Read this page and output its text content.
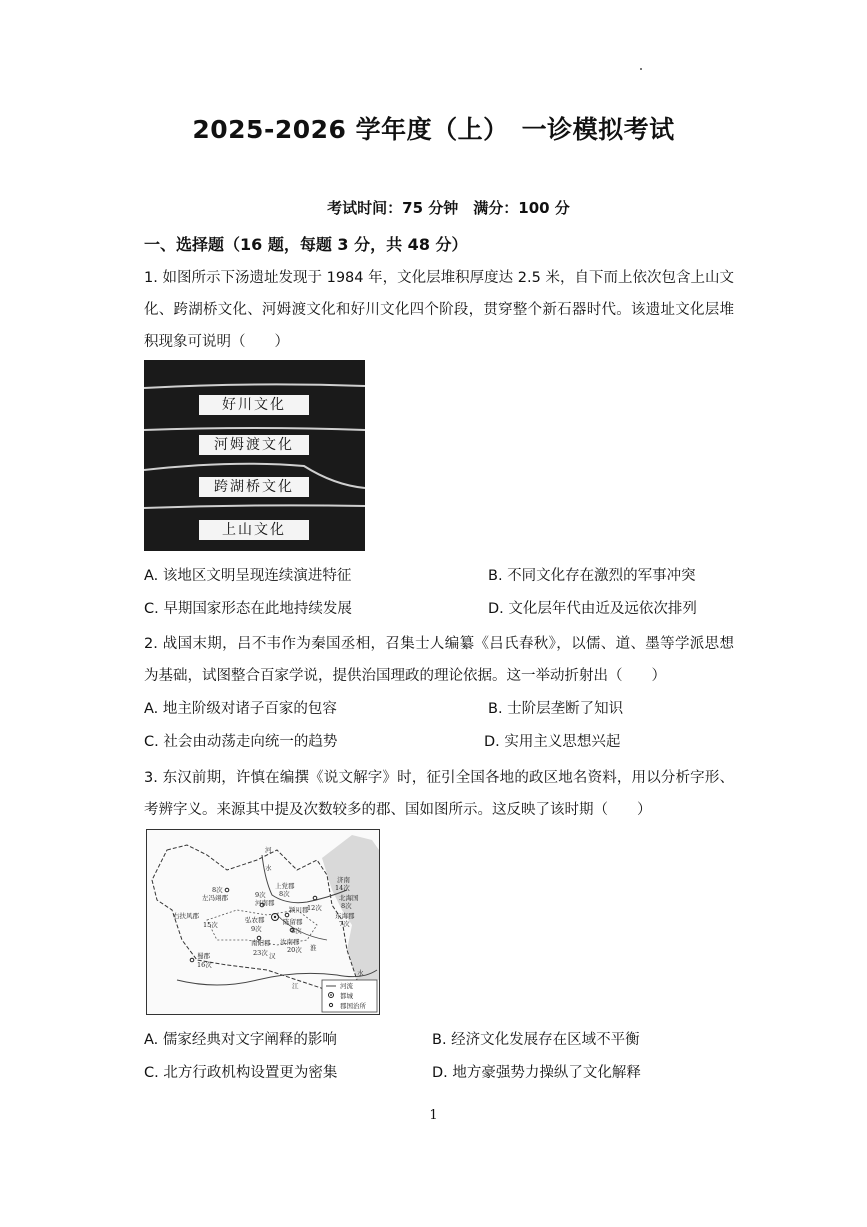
2025-2026 学年度（上）　一诊模拟考试
考试时间：75 分钟　满分：100 分
一、选择题（16 题，每题 3 分，共 48 分）
1. 如图所示下汤遗址发现于 1984 年，文化层堆积厚度达 2.5 米，自下而上依次包含上山文化、跨湖桥文化、河姆渡文化和好川文化四个阶段，贯穿整个新石器时代。该遗址文化层堆积现象可说明（　　）
好川文化
河姆渡文化
跨湖桥文化
上山文化
A. 该地区文明呈现连续演进特征	B. 不同文化存在激烈的军事冲突
C. 早期国家形态在此地持续发展	D. 文化层年代由近及远依次排列
2. 战国末期，吕不韦作为秦国丞相，召集士人编纂《吕氏春秋》，以儒、道、墨等学派思想为基础，试图整合百家学说，提供治国理政的理论依据。这一举动折射出（　　）
A. 地主阶级对诸子百家的包容	B. 士阶层垄断了知识
C. 社会由动荡走向统一的趋势	D. 实用主义思想兴起
3. 东汉前期，许慎在编撰《说文解字》时，征引全国各地的政区地名资料，用以分析字形、考辨字义。来源其中提及次数较多的郡、国如图所示。这反映了该时期（　　）
河
水
上党郡
8次
济南
14次
北海国
8次
东海郡
7次
左冯翊郡
8次
右扶风郡
15次
河南郡
9次
弘农郡
9次
颍川郡
12次
陈留郡
8次
汝南郡
20次
南阳郡
23次
蜀郡
16次
淮
汉
江
水
河流
都城
郡国治所
A. 儒家经典对文字阐释的影响	B. 经济文化发展存在区域不平衡
C. 北方行政机构设置更为密集	D. 地方豪强势力操纵了文化解释
1
